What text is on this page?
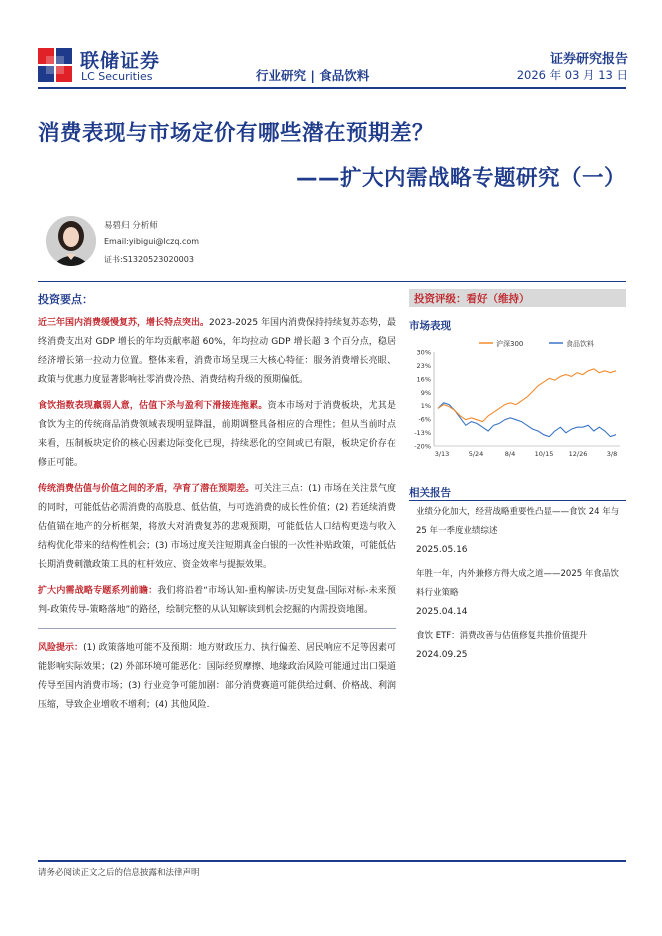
联储证券
LC Securities	行业研究 | 食品饮料
证券研究报告
2026 年 03 月 13 日
消费表现与市场定价有哪些潜在预期差？
——扩大内需战略专题研究（一）
易碧归 分析师
Email:yibigui@lczq.com
证书:S1320523020003
投资要点：
近三年国内消费缓慢复苏，增长特点突出。2023-2025 年国内消费保持持续复苏态势，最终消费支出对 GDP 增长的年均贡献率超 60%，年均拉动 GDP 增长超 3 个百分点，稳居经济增长第一拉动力位置。整体来看，消费市场呈现三大核心特征：服务消费增长亮眼、政策与优惠力度显著影响社零消费冷热、消费结构升级的预期偏低。
食饮指数表现羸弱人意，估值下杀与盈利下滑接连拖累。资本市场对于消费板块，尤其是食饮为主的传统商品消费领域表现明显降温，前期调整具备相应的合理性；但从当前时点来看，压制板块定价的核心因素边际变化已现，持续恶化的空间或已有限，板块定价存在修正可能。
传统消费估值与价值之间的矛盾，孕育了潜在预期差。可关注三点：(1) 市场在关注景气度的同时，可能低估必需消费的高股息、低估值，与可选消费的成长性价值；(2) 若延续消费估值锚在地产的分析框架，将放大对消费复苏的悲观预期，可能低估人口结构更迭与收入结构优化带来的结构性机会；(3) 市场过度关注短期真金白银的一次性补贴政策，可能低估长期消费刺激政策工具的杠杆效应、资金效率与提振效果。
扩大内需战略专题系列前瞻：我们将沿着“市场认知-重构解读-历史复盘-国际对标-未来预判-政策传导-策略落地”的路径，绘制完整的从认知解读到机会挖掘的内需投资地图。
风险提示：(1) 政策落地可能不及预期：地方财政压力、执行偏差、居民响应不足等因素可能影响实际效果；(2) 外部环境可能恶化：国际经贸摩擦、地缘政治风险可能通过出口渠道传导至国内消费市场；(3) 行业竞争可能加剧：部分消费赛道可能供给过剩、价格战、利润压缩，导致企业增收不增利；(4) 其他风险.
投资评级：看好（维持）
市场表现
食品饮料
沪深300
30%
23%
16%
9%
1%
-6%
-13%
-20%
3/13	5/24	8/4	10/15 12/26	3/8
相关报告
业绩分化加大，经营战略重要性凸显——食饮 24 年与 25 年一季度业绩综述
2025.05.16
年胜一年，内外兼修方得大成之道——2025 年食品饮料行业策略
2025.04.14
食饮 ETF：消费改善与估值修复共推价值提升
2024.09.25
请务必阅读正文之后的信息披露和法律声明
